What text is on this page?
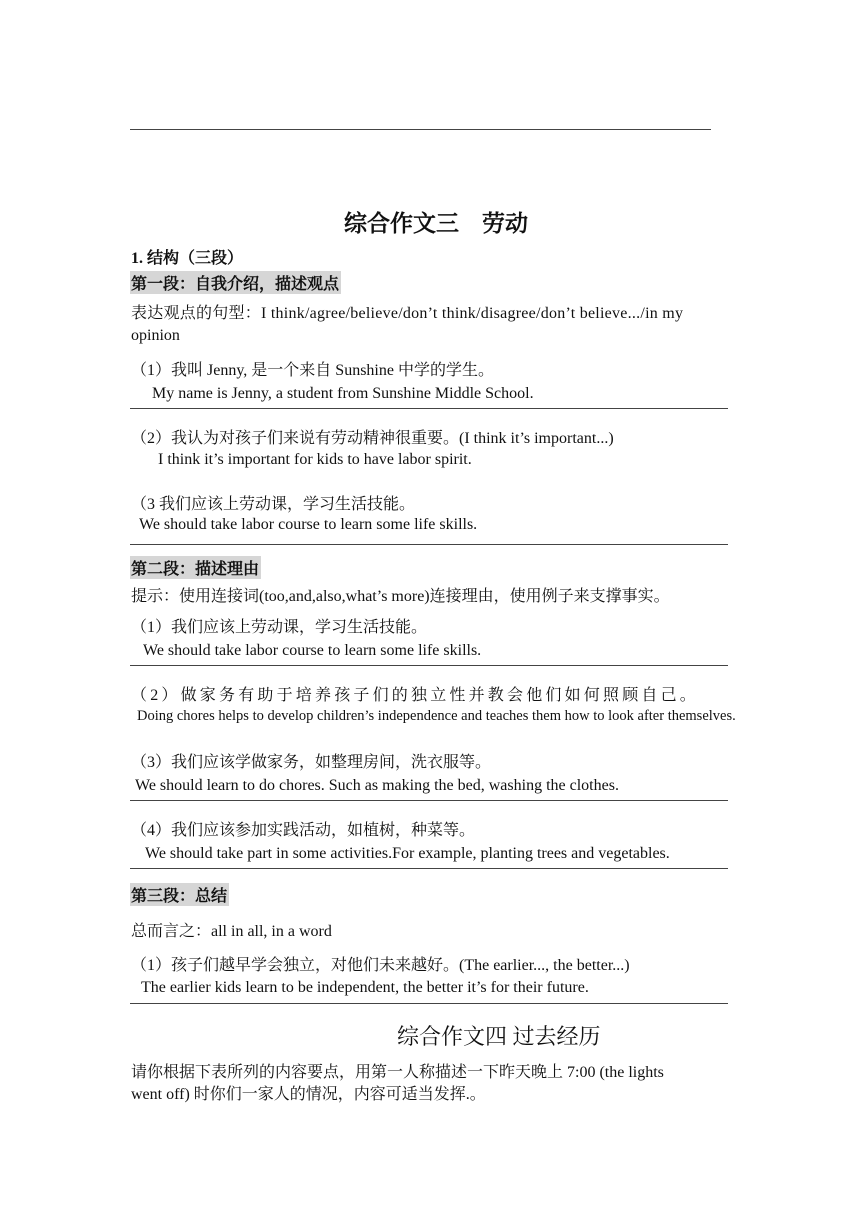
综合作文三　劳动
1. 结构（三段）
第一段：自我介绍，描述观点
表达观点的句型：I think/agree/believe/don’t think/disagree/don’t believe.../in my
opinion
（1）我叫 Jenny, 是一个来自 Sunshine 中学的学生。
My name is Jenny, a student from Sunshine Middle School.
（2）我认为对孩子们来说有劳动精神很重要。(I think it’s important...)
I think it’s important for kids to have labor spirit.
（3 我们应该上劳动课，学习生活技能。
We should take labor course to learn some life skills.
第二段：描述理由
提示：使用连接词(too,and,also,what’s more)连接理由，使用例子来支撑事实。
（1）我们应该上劳动课，学习生活技能。
We should take labor course to learn some life skills.
（2）做家务有助于培养孩子们的独立性并教会他们如何照顾自己。
Doing chores helps to develop children’s independence and teaches them how to look after themselves.
（3）我们应该学做家务，如整理房间，洗衣服等。
We should learn to do chores. Such as making the bed, washing the clothes.
（4）我们应该参加实践活动，如植树，种菜等。
We should take part in some activities.For example, planting trees and vegetables.
第三段：总结
总而言之：all in all, in a word
（1）孩子们越早学会独立，对他们未来越好。(The earlier..., the better...)
The earlier kids learn to be independent, the better it’s for their future.
综合作文四 过去经历
请你根据下表所列的内容要点，用第一人称描述一下昨天晚上 7:00 (the lights
went off) 时你们一家人的情况，内容可适当发挥.。
